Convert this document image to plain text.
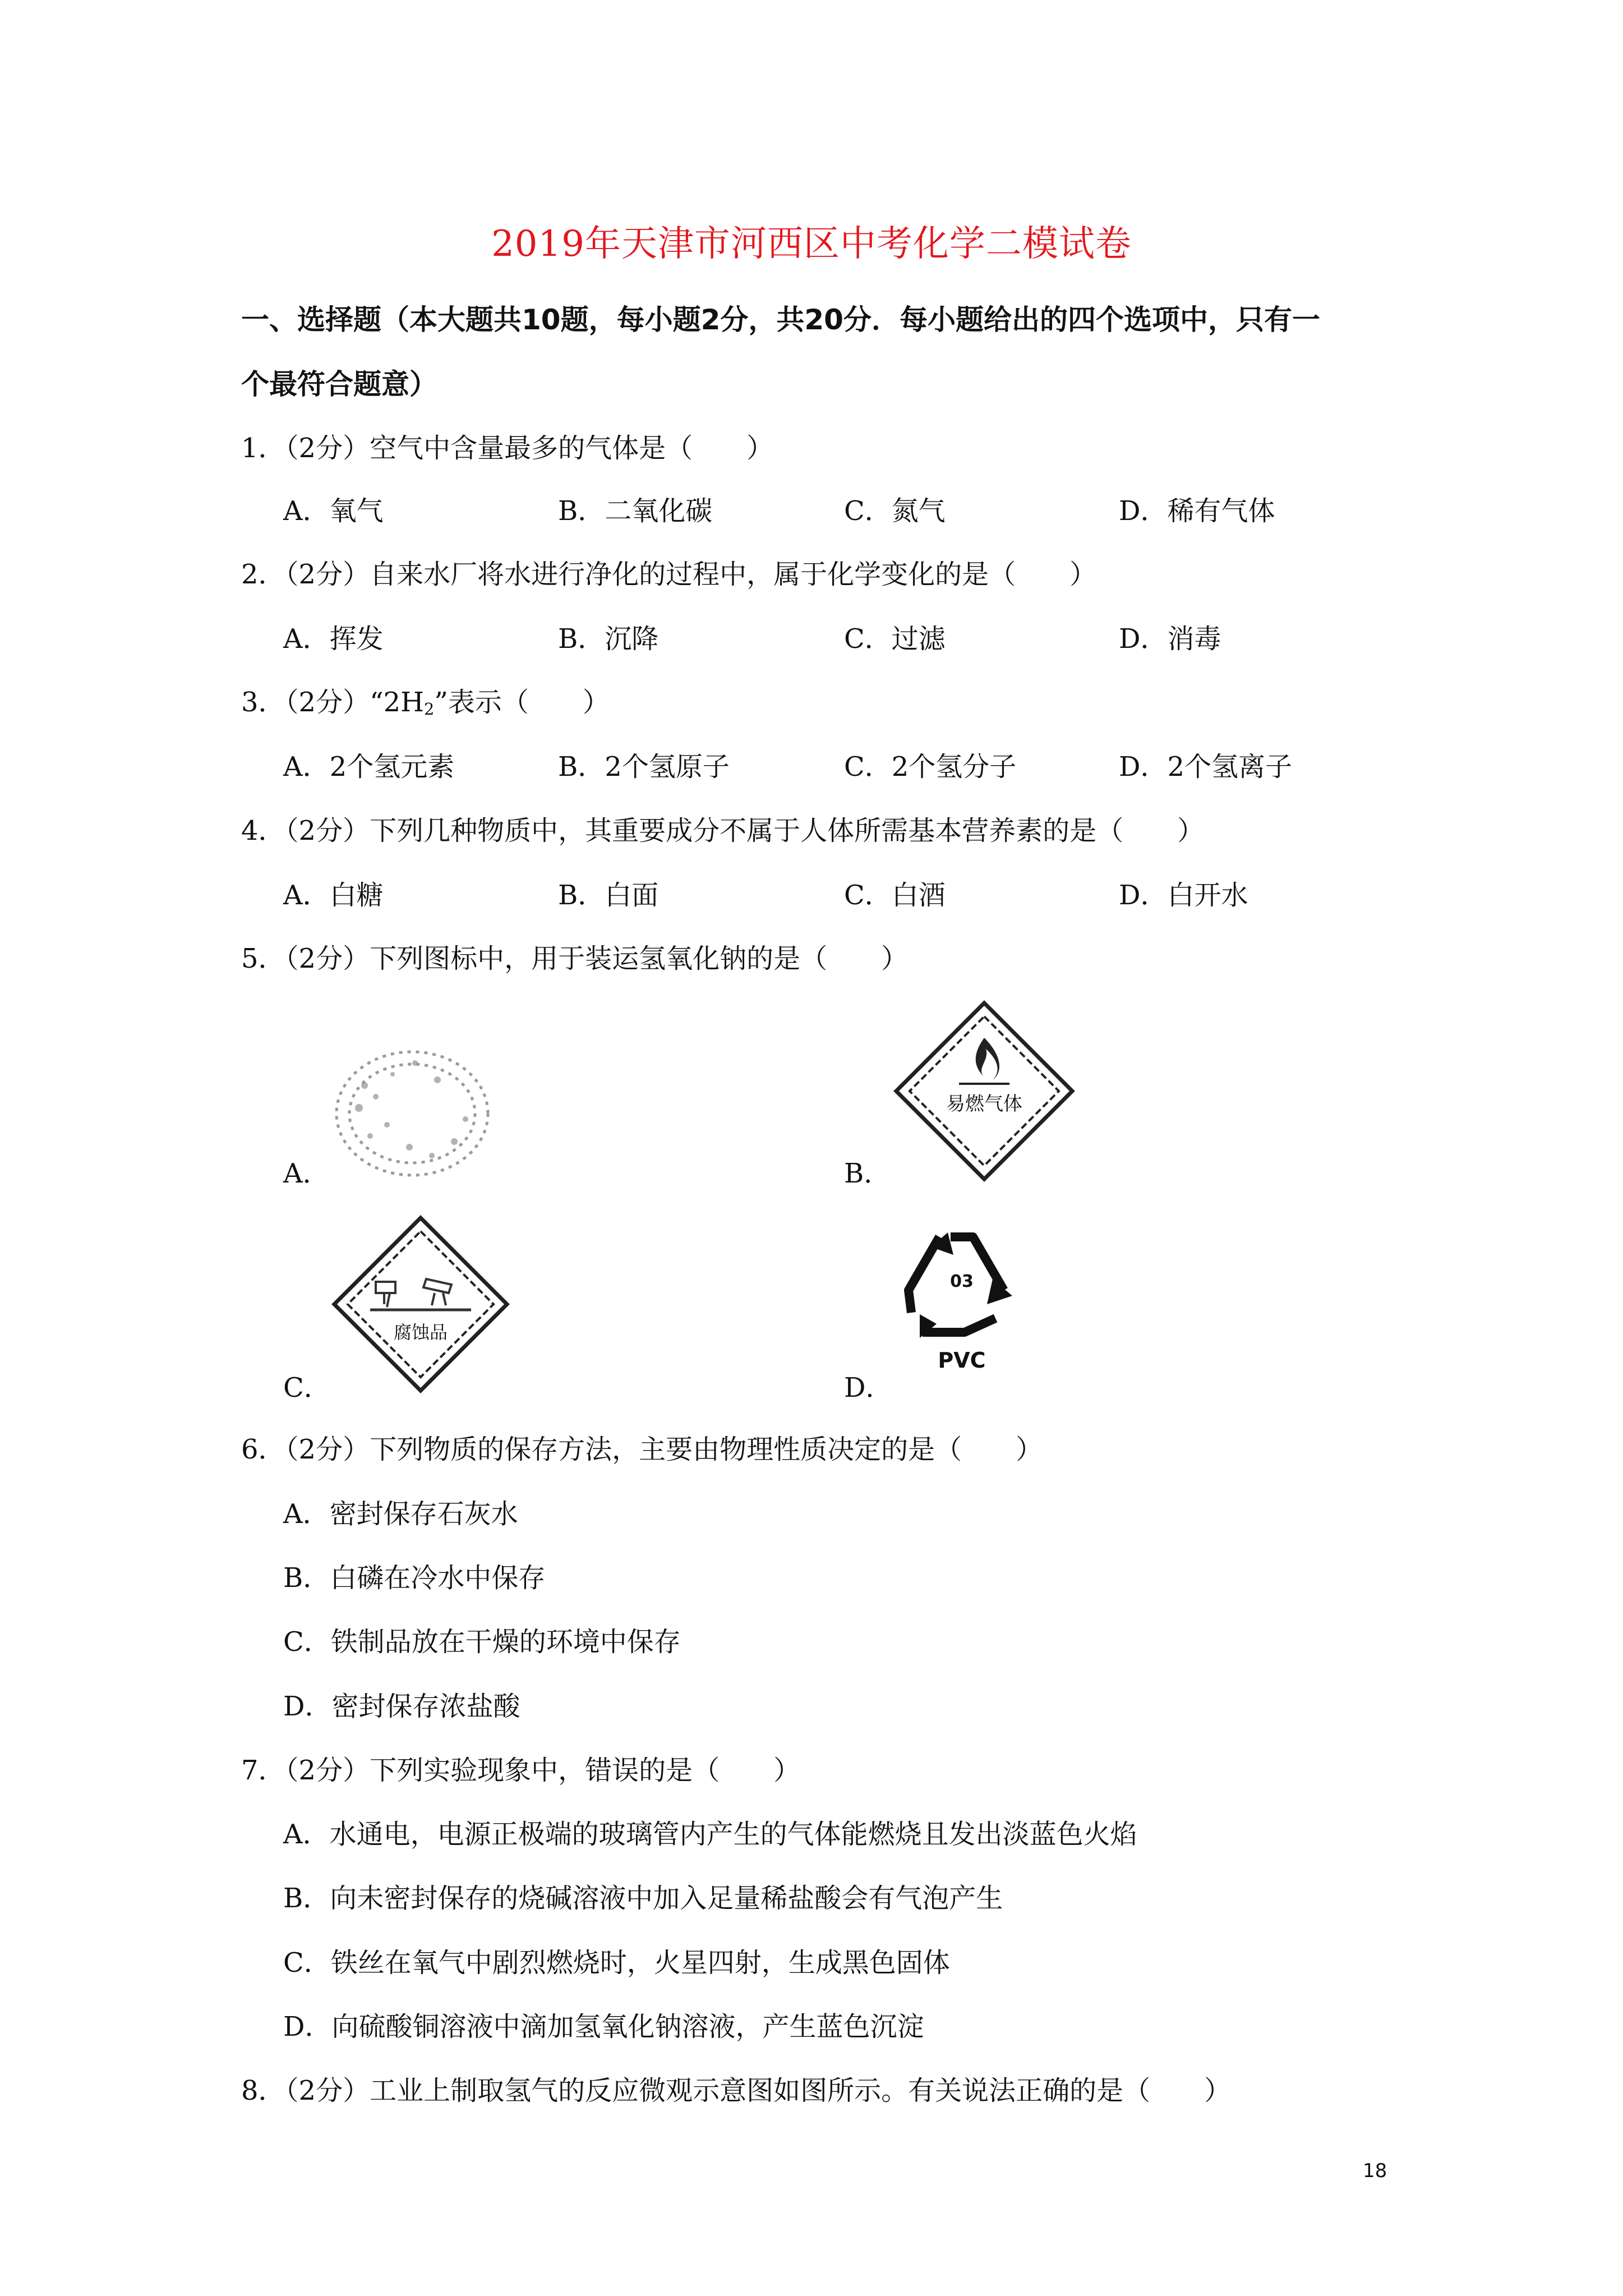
2019年天津市河西区中考化学二模试卷
一、选择题（本大题共10题，每小题2分，共20分．每小题给出的四个选项中，只有一
个最符合题意）
1．（2分）空气中含量最多的气体是（　　）
A．氧气	B．二氧化碳	C．氮气	D．稀有气体
2．（2分）自来水厂将水进行净化的过程中，属于化学变化的是（　　）
A．挥发	B．沉降	C．过滤	D．消毒
3．（2分）“$2H_2$”表示（　　）
A．2个氢元素	B．2个氢原子	C．2个氢分子	D．2个氢离子
4．（2分）下列几种物质中，其重要成分不属于人体所需基本营养素的是（　　）
A．白糖	B．白面	C．白酒	D．白开水
5．（2分）下列图标中，用于装运氢氧化钠的是（　　）
A．	B．
易燃气体
C．
腐蚀品
D．
03
PVC
6．（2分）下列物质的保存方法，主要由物理性质决定的是（　　）
A．密封保存石灰水
B．白磷在冷水中保存
C．铁制品放在干燥的环境中保存
D．密封保存浓盐酸
7．（2分）下列实验现象中，错误的是（　　）
A．水通电，电源正极端的玻璃管内产生的气体能燃烧且发出淡蓝色火焰
B．向未密封保存的烧碱溶液中加入足量稀盐酸会有气泡产生
C．铁丝在氧气中剧烈燃烧时，火星四射，生成黑色固体
D．向硫酸铜溶液中滴加氢氧化钠溶液，产生蓝色沉淀
8．（2分）工业上制取氢气的反应微观示意图如图所示。有关说法正确的是（　　）
18
